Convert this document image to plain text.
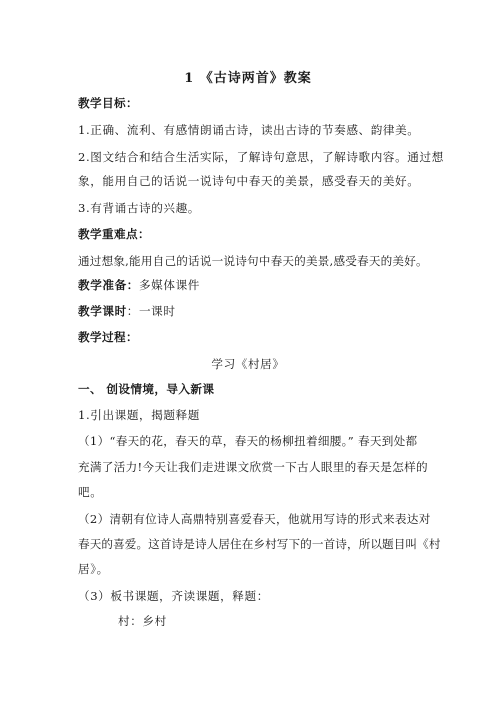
1 《古诗两首》教案
教学目标：
1.正确、流利、有感情朗诵古诗，读出古诗的节奏感、韵律美。
2.图文结合和结合生活实际，了解诗句意思，了解诗歌内容。通过想
象，能用自己的话说一说诗句中春天的美景，感受春天的美好。
3.有背诵古诗的兴趣。
教学重难点：
通过想象,能用自己的话说一说诗句中春天的美景,感受春天的美好。
教学准备：多媒体课件
教学课时：一课时
教学过程：
学习《村居》
一、 创设情境，导入新课
1.引出课题，揭题释题
（1）“春天的花，春天的草，春天的杨柳扭着细腰。” 春天到处都
充满了活力!今天让我们走进课文欣赏一下古人眼里的春天是怎样的
吧。
（2）清朝有位诗人高鼎特别喜爱春天，他就用写诗的形式来表达对
春天的喜爱。这首诗是诗人居住在乡村写下的一首诗，所以题目叫《村
居》。
（3）板书课题，齐读课题，释题：
村：乡村
